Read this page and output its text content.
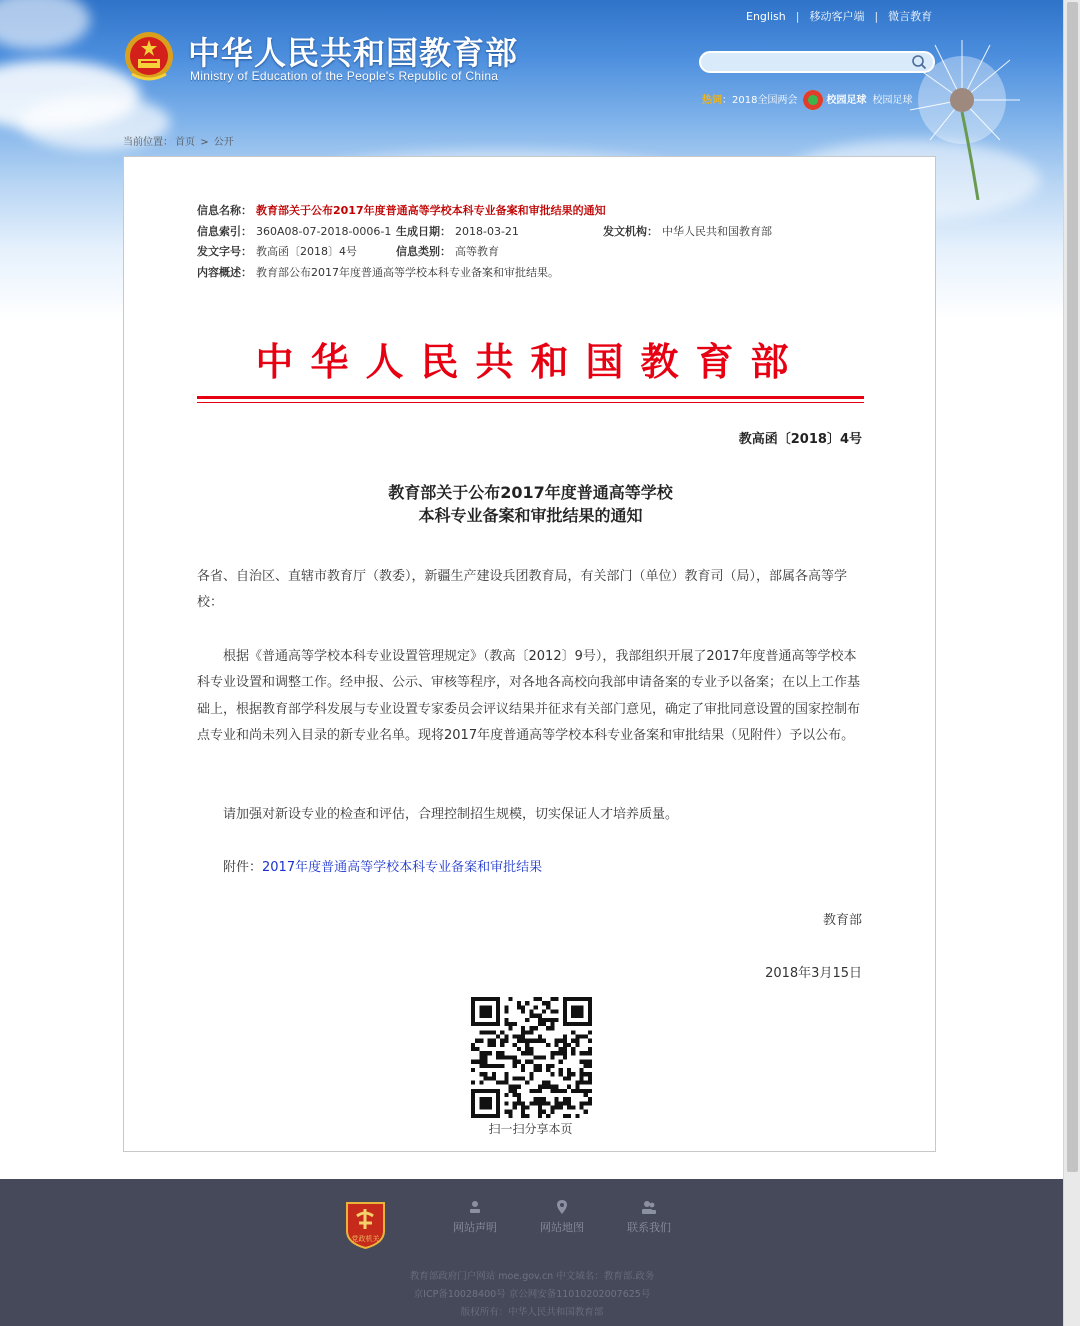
中华人民共和国教育部
Ministry of Education of the People's Republic of China
English | 移动客户端 | 微言教育
热词：2018全国两会	校园足球 校园足球
当前位置： 首页 > 公开
信息名称： 教育部关于公布2017年度普通高等学校本科专业备案和审批结果的通知
信息索引： 360A08-07-2018-0006-1 生成日期： 2018-03-21	发文机构： 中华人民共和国教育部
发文字号： 教高函〔2018〕4号	信息类别： 高等教育
内容概述： 教育部公布2017年度普通高等学校本科专业备案和审批结果。
中华人民共和国教育部
教高函〔2018〕4号
教育部关于公布2017年度普通高等学校
本科专业备案和审批结果的通知
各省、自治区、直辖市教育厅（教委），新疆生产建设兵团教育局，有关部门（单位）教育司（局），部属各高等学校：
根据《普通高等学校本科专业设置管理规定》（教高〔2012〕9号），我部组织开展了2017年度普通高等学校本科专业设置和调整工作。经申报、公示、审核等程序，对各地各高校向我部申请备案的专业予以备案；在以上工作基础上，根据教育部学科发展与专业设置专家委员会评议结果并征求有关部门意见，确定了审批同意设置的国家控制布点专业和尚未列入目录的新专业名单。现将2017年度普通高等学校本科专业备案和审批结果（见附件）予以公布。
请加强对新设专业的检查和评估，合理控制招生规模，切实保证人才培养质量。
附件：2017年度普通高等学校本科专业备案和审批结果
教育部
2018年3月15日
扫一扫分享本页
党政机关
网站声明	网站地图	联系我们
教育部政府门户网站 moe.gov.cn 中文域名：教育部.政务
京ICP备10028400号 京公网安备11010202007625号
版权所有：中华人民共和国教育部
